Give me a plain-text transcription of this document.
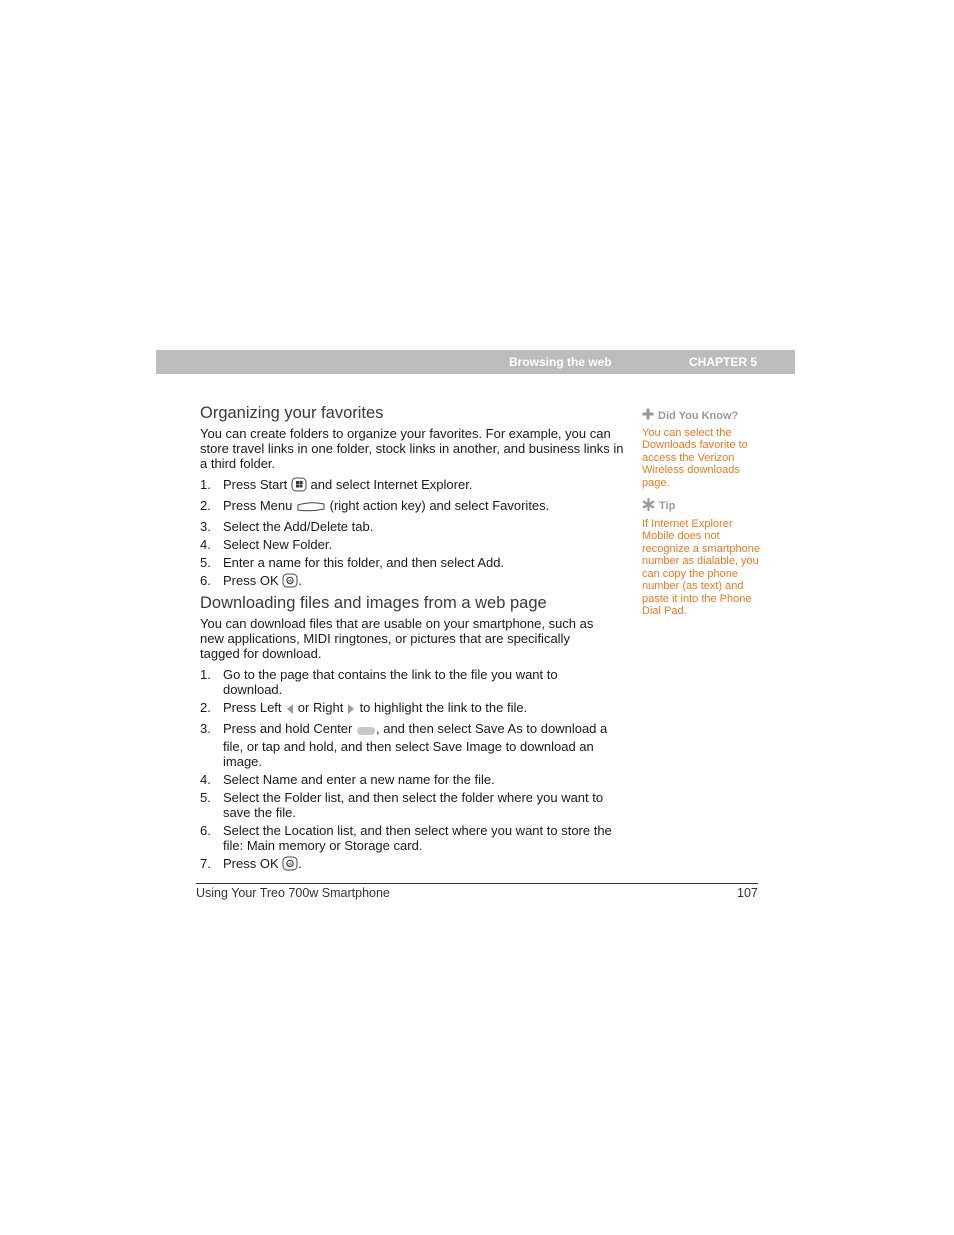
Browsing the web	CHAPTER 5
Organizing your favorites

You can create folders to organize your favorites. For example, you can store travel links in one folder, stock links in another, and business links in a third folder.

1. Press Start and select Internet Explorer.
2. Press Menu	(right action key) and select Favorites.
3. Select the Add/Delete tab.
4. Select New Folder.
5. Enter a name for this folder, and then select Add.
6. Press OK ok .
Downloading files and images from a web page

You can download files that are usable on your smartphone, such as new applications, MIDI ringtones, or pictures that are specifically tagged for download.

1. Go to the page that contains the link to the file you want to download.
2. Press Left or Right to highlight the link to the file.
3. Press and hold Center , and then select Save As to download a file, or tap and hold, and then select Save Image to download an image.
4. Select Name and enter a new name for the file.
5. Select the Folder list, and then select the folder where you want to save the file.
6. Select the Location list, and then select where you want to store the file: Main memory or Storage card.
7. Press OK ok .
Did You Know?
You can select the Downloads favorite to access the Verizon Wireless downloads page.
Tip
If Internet Explorer Mobile does not recognize a smartphone number as dialable, you can copy the phone number (as text) and paste it into the Phone Dial Pad.
Using Your Treo 700w Smartphone	107
